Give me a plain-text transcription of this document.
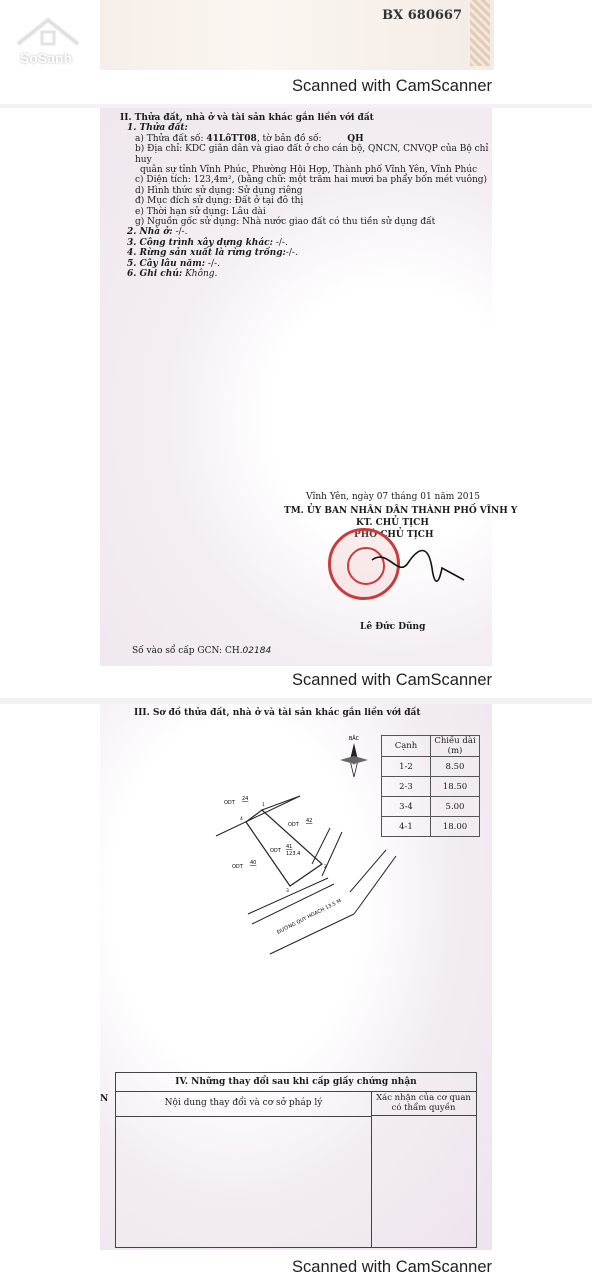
SoSanh
BX 680667
Scanned with CamScanner
II. Thửa đất, nhà ở và tài sản khác gắn liền với đất
1. Thửa đất:
a) Thửa đất số: 41LôTT08, tờ bản đồ số:	QH
b) Địa chỉ: KDC giãn dân và giao đất ở cho cán bộ, QNCN, CNVQP của Bộ chỉ huy
quân sự tỉnh Vĩnh Phúc, Phường Hội Hợp, Thành phố Vĩnh Yên, Vĩnh Phúc
c) Diện tích: 123,4m², (bằng chữ: một trăm hai mươi ba phẩy bốn mét vuông)
d) Hình thức sử dụng: Sử dụng riêng
đ) Mục đích sử dụng: Đất ở tại đô thị
e) Thời hạn sử dụng: Lâu dài
g) Nguồn gốc sử dụng: Nhà nước giao đất có thu tiền sử dụng đất
2. Nhà ở: -/-.
3. Công trình xây dựng khác: -/-.
4. Rừng sản xuất là rừng trồng:-/-.
5. Cây lâu năm: -/-.
6. Ghi chú: Không.
Vĩnh Yên, ngày 07 tháng 01 năm 2015
TM. ỦY BAN NHÂN DÂN THÀNH PHỐ VĨNH Y
KT. CHỦ TỊCH
PHÓ CHỦ TỊCH
Lê Đức Dũng
Số vào sổ cấp GCN: CH.02184
Scanned with CamScanner
III. Sơ đồ thửa đất, nhà ở và tài sản khác gắn liền với đất
BẮC
Cạnh	Chiều dài (m)
1-2	8.50
2-3	18.50
3-4	5.00
4-1	18.00
ODT
24
ODT
42
ODT
41
123.4
ODT
40
4
1
2
3
ĐƯỜNG QUY HOẠCH 13.5 M
N
IV. Những thay đổi sau khi cấp giấy chứng nhận
Nội dung thay đổi và cơ sở pháp lý	Xác nhận của cơ quan
có thẩm quyền
Scanned with CamScanner
